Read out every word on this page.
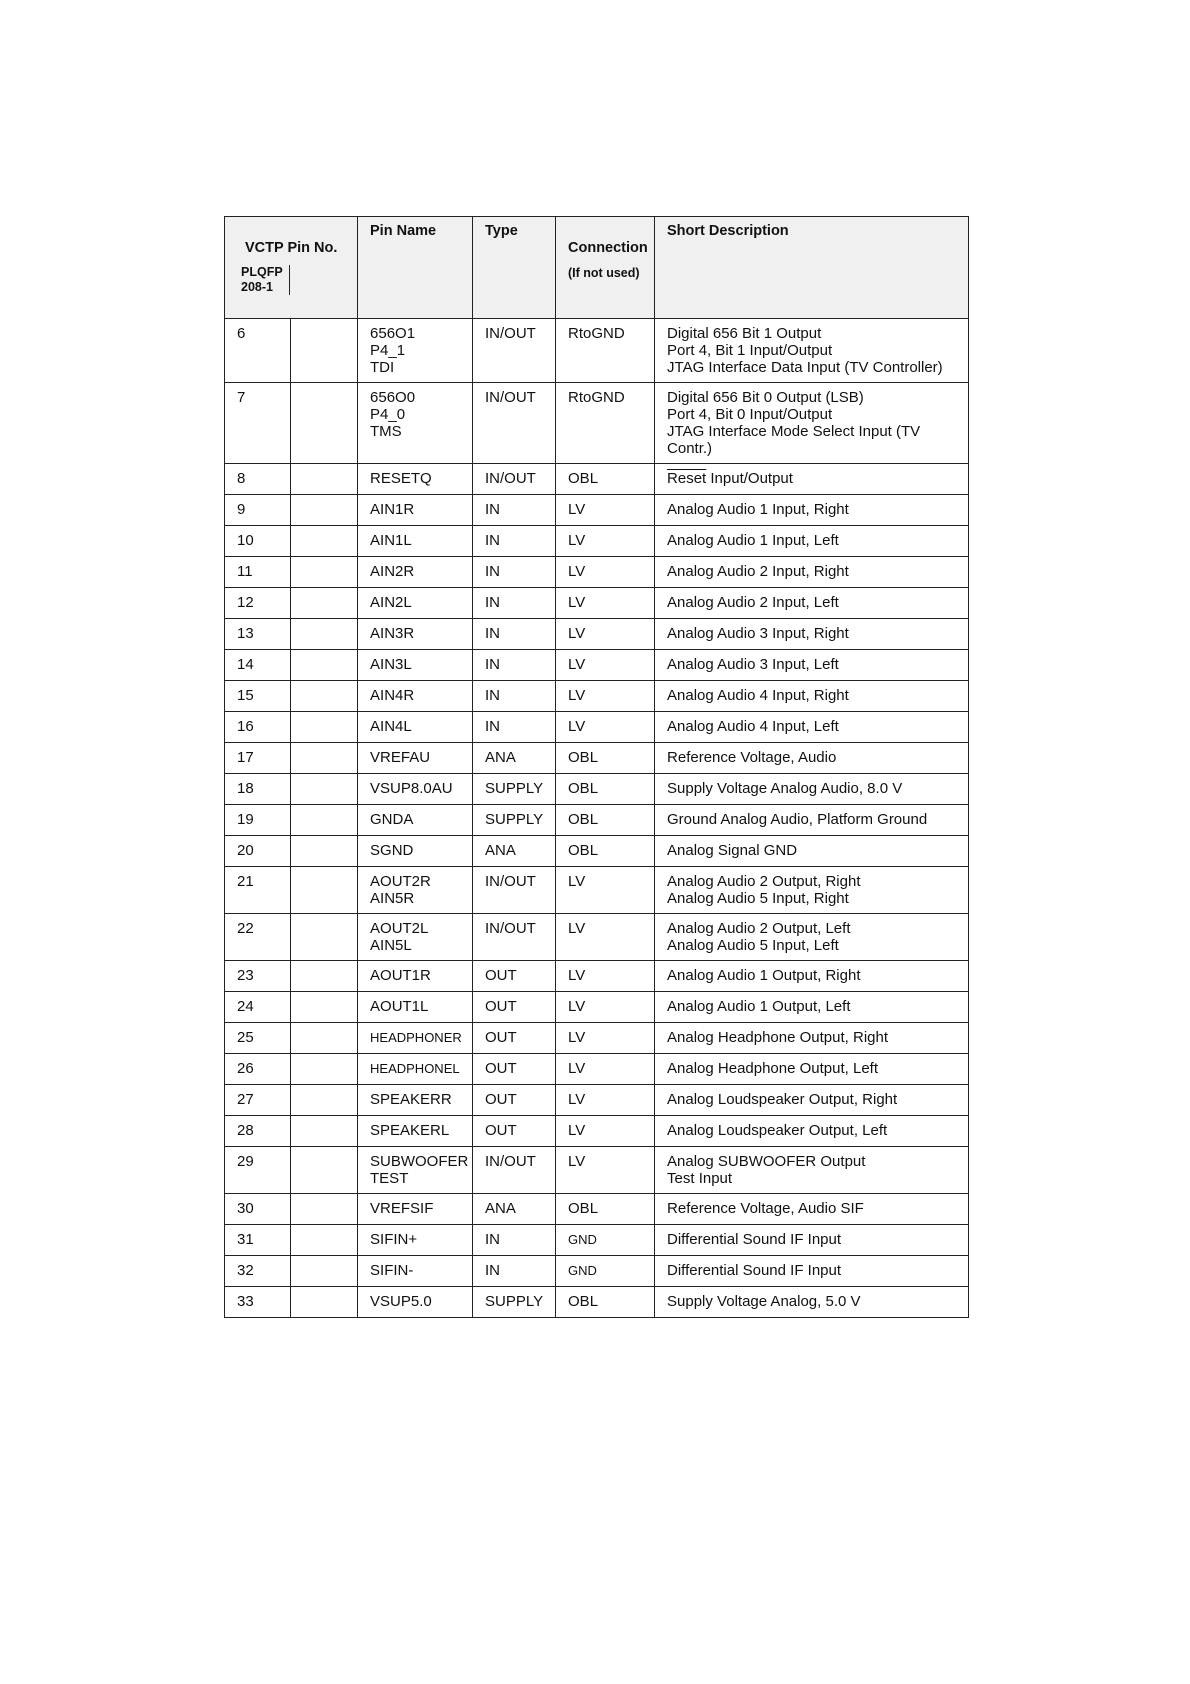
VCTP Pin No.

PLQFP
208-1		Pin Name	Type	Connection

(If not used)	Short Description
6		656O1
P4_1
TDI	IN/OUT	RtoGND	Digital 656 Bit 1 Output
Port 4, Bit 1 Input/Output
JTAG Interface Data Input (TV Controller)
7		656O0
P4_0
TMS	IN/OUT	RtoGND	Digital 656 Bit 0 Output (LSB)
Port 4, Bit 0 Input/Output
JTAG Interface Mode Select Input (TV Contr.)
8		RESETQ	IN/OUT	OBL	Reset Input/Output
9		AIN1R	IN	LV	Analog Audio 1 Input, Right
10		AIN1L	IN	LV	Analog Audio 1 Input, Left
11		AIN2R	IN	LV	Analog Audio 2 Input, Right
12		AIN2L	IN	LV	Analog Audio 2 Input, Left
13		AIN3R	IN	LV	Analog Audio 3 Input, Right
14		AIN3L	IN	LV	Analog Audio 3 Input, Left
15		AIN4R	IN	LV	Analog Audio 4 Input, Right
16		AIN4L	IN	LV	Analog Audio 4 Input, Left
17		VREFAU	ANA	OBL	Reference Voltage, Audio
18		VSUP8.0AU	SUPPLY	OBL	Supply Voltage Analog Audio, 8.0 V
19		GNDA	SUPPLY	OBL	Ground Analog Audio, Platform Ground
20		SGND	ANA	OBL	Analog Signal GND
21		AOUT2R
AIN5R	IN/OUT	LV	Analog Audio 2 Output, Right
Analog Audio 5 Input, Right
22		AOUT2L
AIN5L	IN/OUT	LV	Analog Audio 2 Output, Left
Analog Audio 5 Input, Left
23		AOUT1R	OUT	LV	Analog Audio 1 Output, Right
24		AOUT1L	OUT	LV	Analog Audio 1 Output, Left
25		HEADPHONER	OUT	LV	Analog Headphone Output, Right
26		HEADPHONEL	OUT	LV	Analog Headphone Output, Left
27		SPEAKERR	OUT	LV	Analog Loudspeaker Output, Right
28		SPEAKERL	OUT	LV	Analog Loudspeaker Output, Left
29		SUBWOOFER
TEST	IN/OUT	LV	Analog SUBWOOFER Output
Test Input
30		VREFSIF	ANA	OBL	Reference Voltage, Audio SIF
31		SIFIN+	IN	GND	Differential Sound IF Input
32		SIFIN-	IN	GND	Differential Sound IF Input
33		VSUP5.0	SUPPLY	OBL	Supply Voltage Analog, 5.0 V
